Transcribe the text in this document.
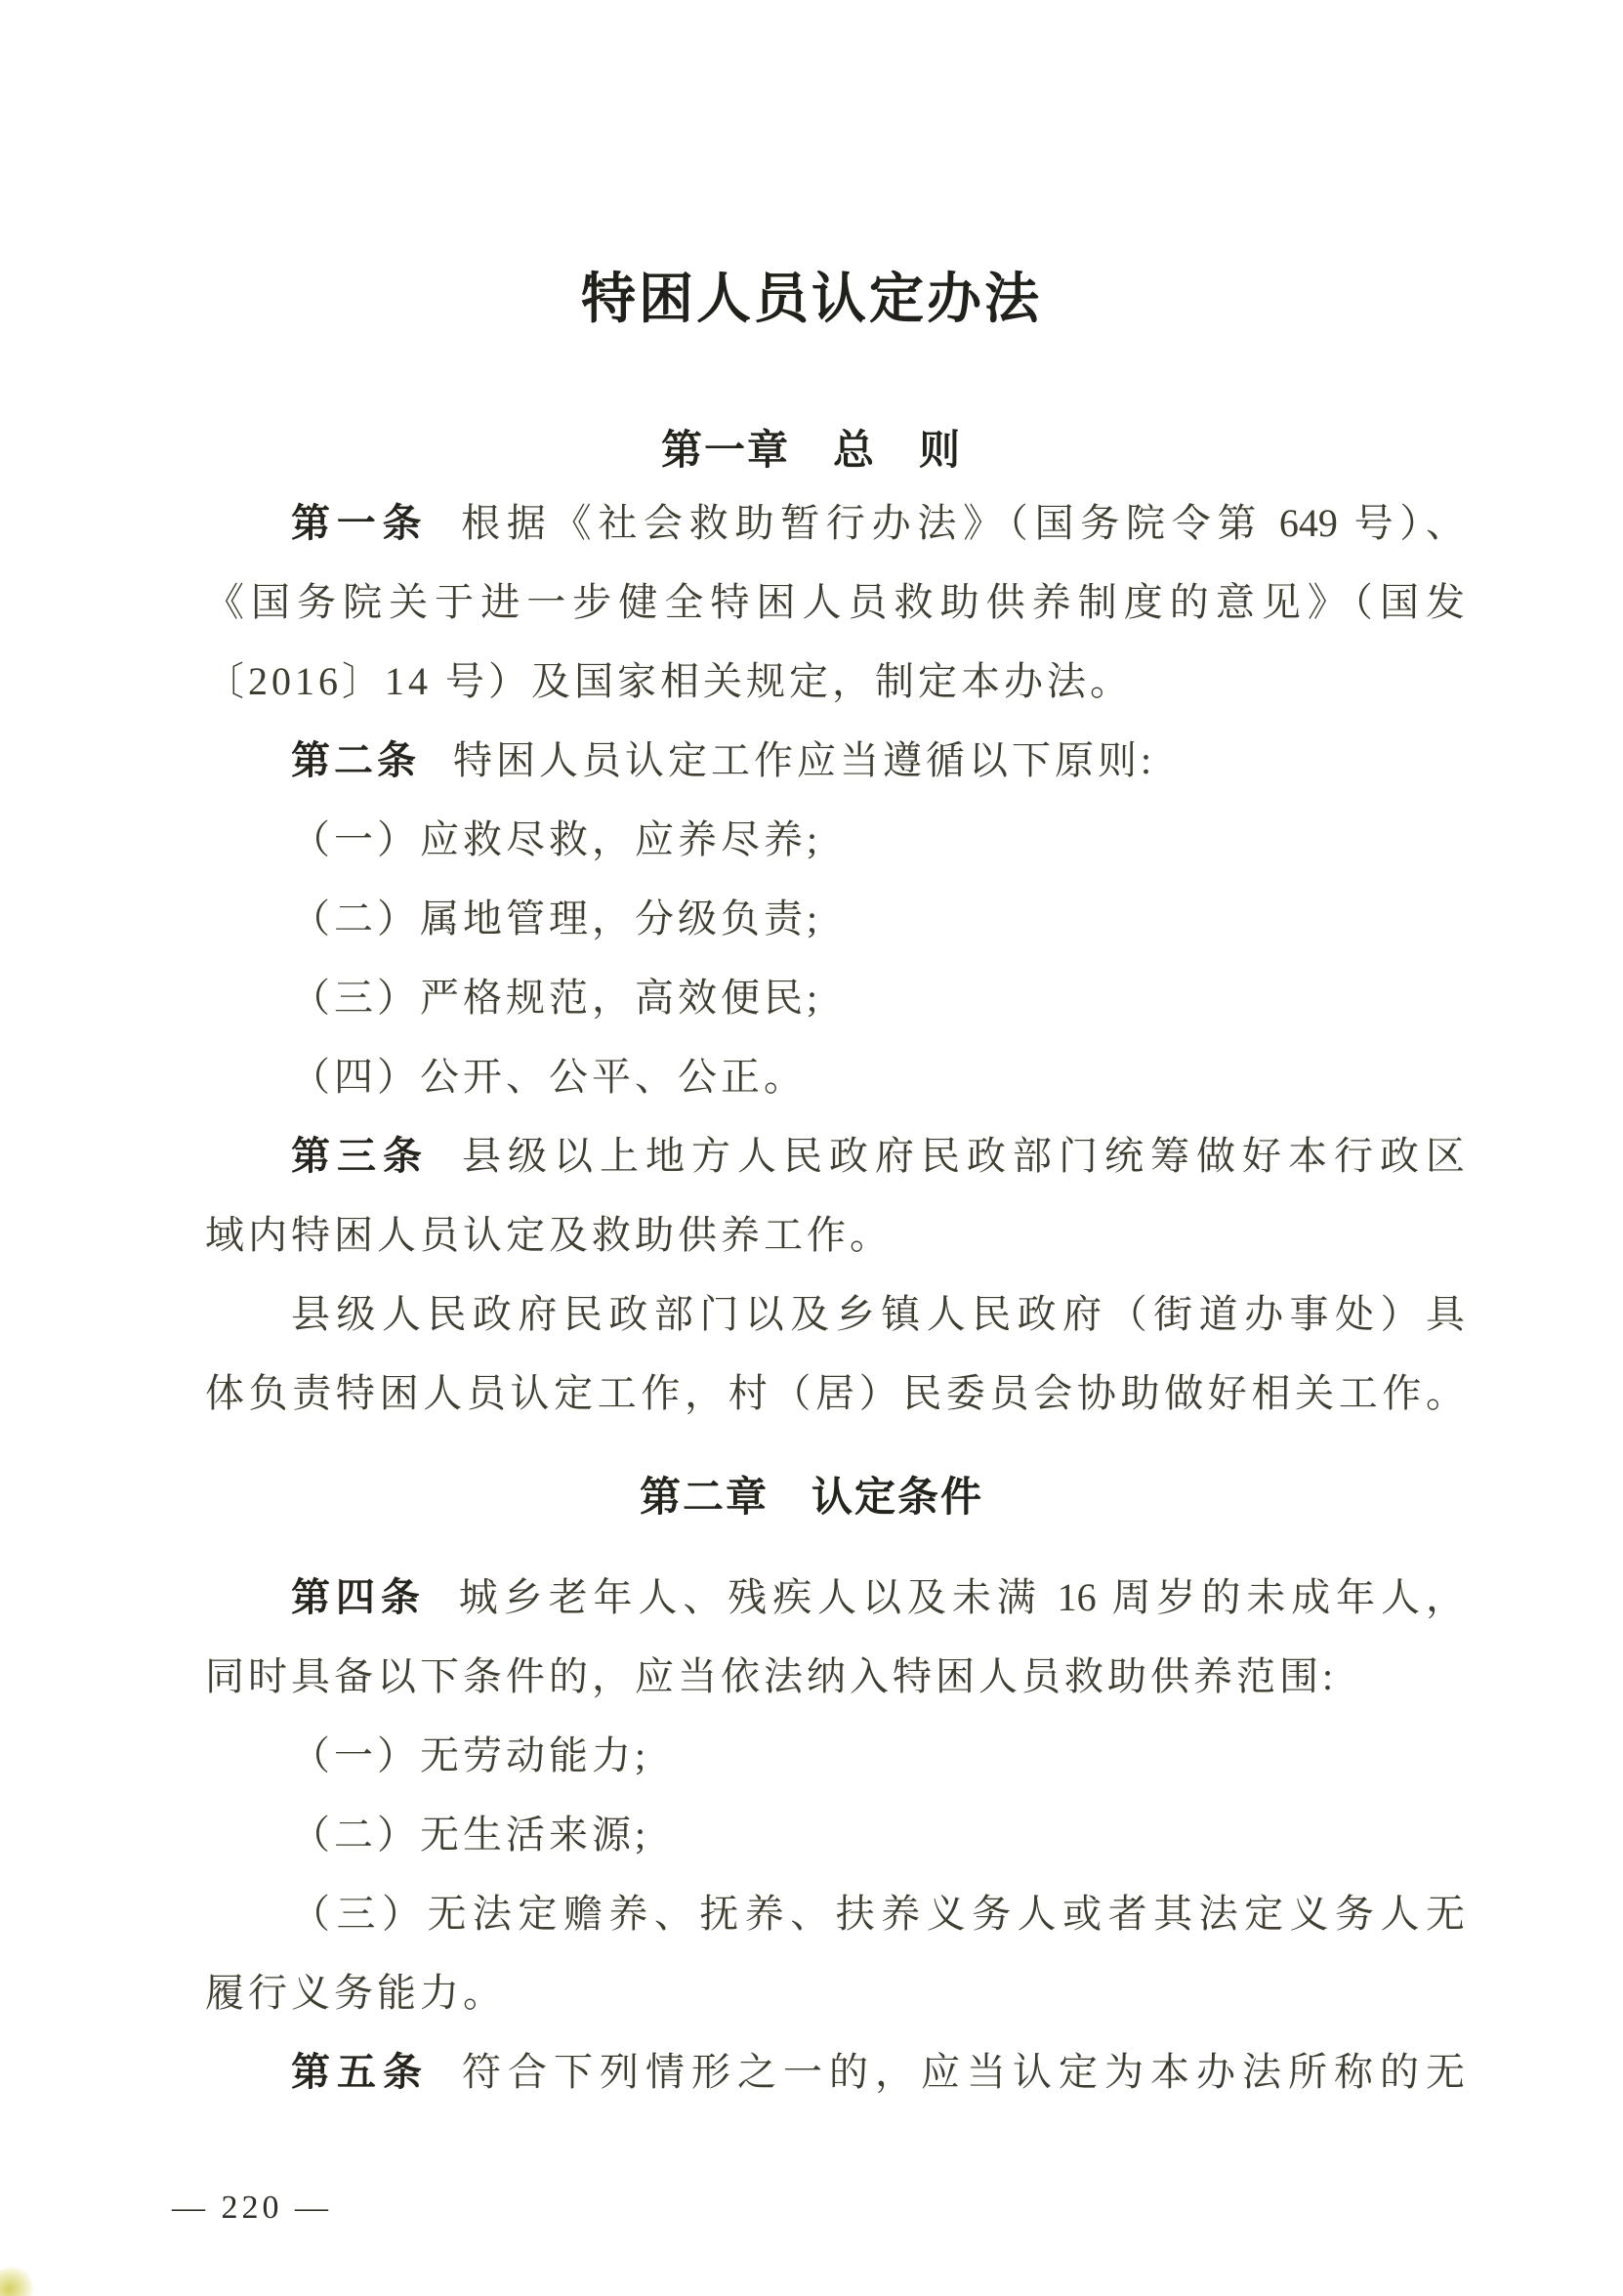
特困人员认定办法
第一章　总　则

第一条 根据《社会救助暂行办法》（国务院令第 649 号）、

《国务院关于进一步健全特困人员救助供养制度的意见》（国发

〔2016〕14 号）及国家相关规定，制定本办法。

第二条 特困人员认定工作应当遵循以下原则:

（一）应救尽救，应养尽养;

（二）属地管理，分级负责;

（三）严格规范，高效便民;

（四）公开、公平、公正。

第三条 县级以上地方人民政府民政部门统筹做好本行政区

域内特困人员认定及救助供养工作。

县级人民政府民政部门以及乡镇人民政府（街道办事处）具

体负责特困人员认定工作，村（居）民委员会协助做好相关工作。

第二章　认定条件

第四条 城乡老年人、残疾人以及未满 16 周岁的未成年人，

同时具备以下条件的，应当依法纳入特困人员救助供养范围:

（一）无劳动能力;

（二）无生活来源;

（三）无法定赡养、抚养、扶养义务人或者其法定义务人无

履行义务能力。

第五条 符合下列情形之一的，应当认定为本办法所称的无

— 220 —
